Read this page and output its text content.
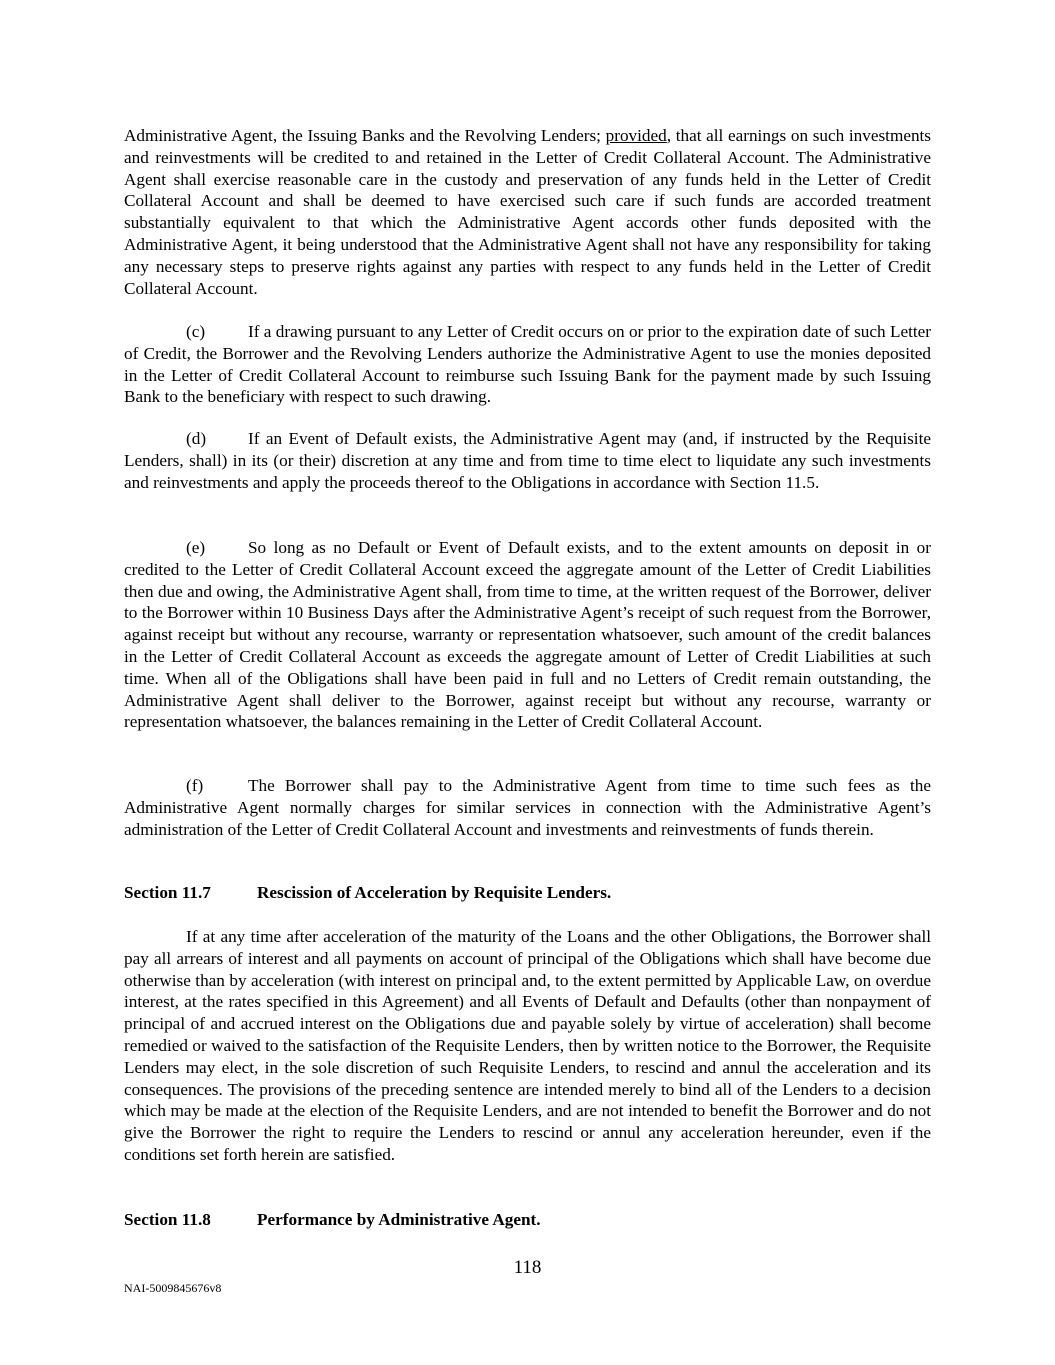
Administrative Agent, the Issuing Banks and the Revolving Lenders; provided, that all earnings on such investments and reinvestments will be credited to and retained in the Letter of Credit Collateral Account. The Administrative Agent shall exercise reasonable care in the custody and preservation of any funds held in the Letter of Credit Collateral Account and shall be deemed to have exercised such care if such funds are accorded treatment substantially equivalent to that which the Administrative Agent accords other funds deposited with the Administrative Agent, it being understood that the Administrative Agent shall not have any responsibility for taking any necessary steps to preserve rights against any parties with respect to any funds held in the Letter of Credit Collateral Account.

(c) If a drawing pursuant to any Letter of Credit occurs on or prior to the expiration date of such Letter of Credit, the Borrower and the Revolving Lenders authorize the Administrative Agent to use the monies deposited in the Letter of Credit Collateral Account to reimburse such Issuing Bank for the payment made by such Issuing Bank to the beneficiary with respect to such drawing.

(d) If an Event of Default exists, the Administrative Agent may (and, if instructed by the Requisite Lenders, shall) in its (or their) discretion at any time and from time to time elect to liquidate any such investments and reinvestments and apply the proceeds thereof to the Obligations in accordance with Section 11.5.

(e) So long as no Default or Event of Default exists, and to the extent amounts on deposit in or credited to the Letter of Credit Collateral Account exceed the aggregate amount of the Letter of Credit Liabilities then due and owing, the Administrative Agent shall, from time to time, at the written request of the Borrower, deliver to the Borrower within 10 Business Days after the Administrative Agent’s receipt of such request from the Borrower, against receipt but without any recourse, warranty or representation whatsoever, such amount of the credit balances in the Letter of Credit Collateral Account as exceeds the aggregate amount of Letter of Credit Liabilities at such time. When all of the Obligations shall have been paid in full and no Letters of Credit remain outstanding, the Administrative Agent shall deliver to the Borrower, against receipt but without any recourse, warranty or representation whatsoever, the balances remaining in the Letter of Credit Collateral Account.

(f)	The Borrower shall pay to the Administrative Agent from time to time such fees as the Administrative Agent normally charges for similar services in connection with the Administrative Agent’s administration of the Letter of Credit Collateral Account and investments and reinvestments of funds therein.

Section 11.7	Rescission of Acceleration by Requisite Lenders.

If at any time after acceleration of the maturity of the Loans and the other Obligations, the Borrower shall pay all arrears of interest and all payments on account of principal of the Obligations which shall have become due otherwise than by acceleration (with interest on principal and, to the extent permitted by Applicable Law, on overdue interest, at the rates specified in this Agreement) and all Events of Default and Defaults (other than nonpayment of principal of and accrued interest on the Obligations due and payable solely by virtue of acceleration) shall become remedied or waived to the satisfaction of the Requisite Lenders, then by written notice to the Borrower, the Requisite Lenders may elect, in the sole discretion of such Requisite Lenders, to rescind and annul the acceleration and its consequences. The provisions of the preceding sentence are intended merely to bind all of the Lenders to a decision which may be made at the election of the Requisite Lenders, and are not intended to benefit the Borrower and do not give the Borrower the right to require the Lenders to rescind or annul any acceleration hereunder, even if the conditions set forth herein are satisfied.

Section 11.8	Performance by Administrative Agent.
118
NAI-5009845676v8
